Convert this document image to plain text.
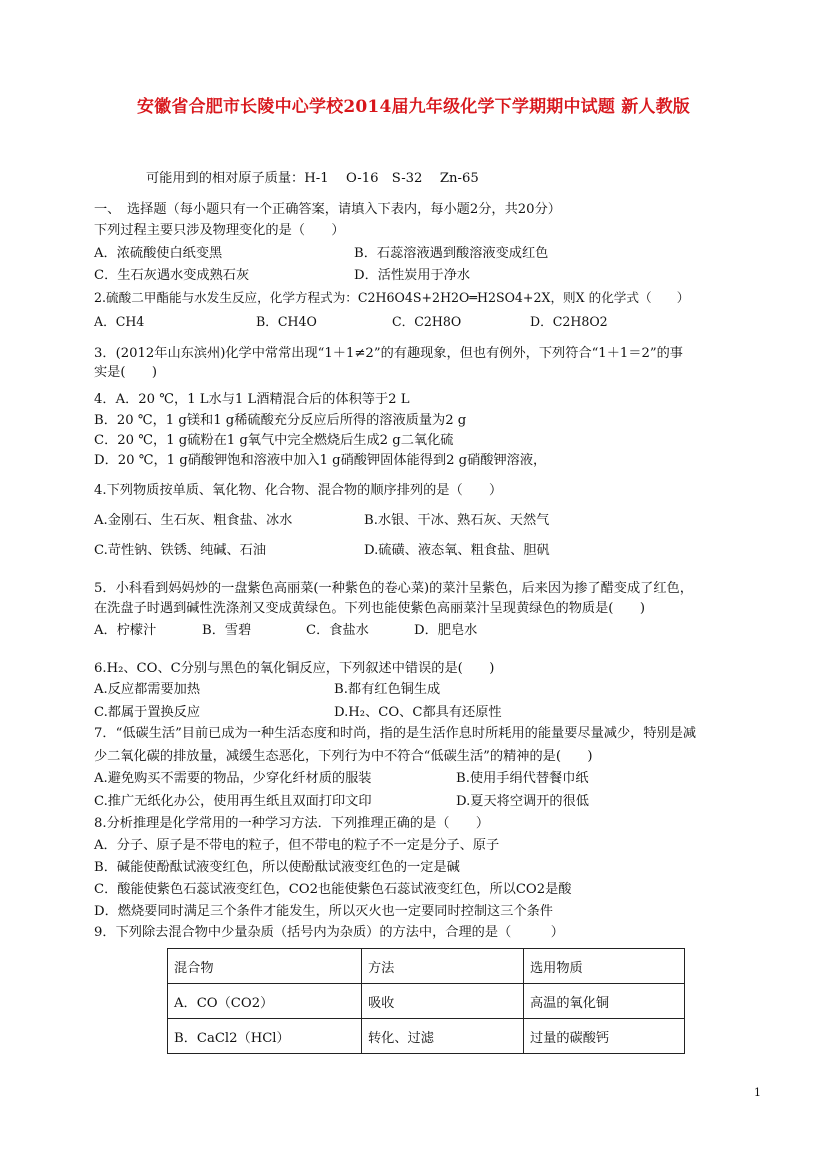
安徽省合肥市长陵中心学校2014届九年级化学下学期期中试题 新人教版
可能用到的相对原子质量：H-1　 O-16　S-32 　Zn-65
一、　选择题（每小题只有一个正确答案，请填入下表内，每小题2分，共20分）
下列过程主要只涉及物理变化的是（　　）
A．浓硫酸使白纸变黑	B．石蕊溶液遇到酸溶液变成红色
C．生石灰遇水变成熟石灰	D．活性炭用于净水
2.硫酸二甲酯能与水发生反应，化学方程式为：C2H6O4S+2H2O═H2SO4+2X，则X 的化学式（　　）
A．CH4	B．CH4O	C．C2H8O	D．C2H8O2
3．(2012年山东滨州)化学中常常出现“1＋1≠2”的有趣现象，但也有例外，下列符合“1＋1＝2”的事
实是(　　)
4．A．20 ℃，1 L水与1 L酒精混合后的体积等于2 L
B．20 ℃，1 g镁和1 g稀硫酸充分反应后所得的溶液质量为2 g
C．20 ℃，1 g硫粉在1 g氧气中完全燃烧后生成2 g二氧化硫
D．20 ℃，1 g硝酸钾饱和溶液中加入1 g硝酸钾固体能得到2 g硝酸钾溶液，
4.下列物质按单质、氧化物、化合物、混合物的顺序排列的是（　　）
A.金刚石、生石灰、粗食盐、冰水	B.水银、干冰、熟石灰、天然气
C.苛性钠、铁锈、纯碱、石油	D.硫磺、液态氧、粗食盐、胆矾
5．小科看到妈妈炒的一盘紫色高丽菜(一种紫色的卷心菜)的菜汁呈紫色，后来因为掺了醋变成了红色，
在洗盘子时遇到碱性洗涤剂又变成黄绿色。下列也能使紫色高丽菜汁呈现黄绿色的物质是(　　)
A．柠檬汁	B．雪碧	C．食盐水	D．肥皂水
6.H₂、CO、C分别与黑色的氧化铜反应，下列叙述中错误的是(　　)
A.反应都需要加热	B.都有红色铜生成
C.都属于置换反应	D.H₂、CO、C都具有还原性
7．“低碳生活”目前已成为一种生活态度和时尚，指的是生活作息时所耗用的能量要尽量减少，特别是减
少二氧化碳的排放量，减缓生态恶化，下列行为中不符合“低碳生活”的精神的是(　　)
A.避免购买不需要的物品，少穿化纤材质的服装	B.使用手绢代替餐巾纸
C.推广无纸化办公，使用再生纸且双面打印文印	D.夏天将空调开的很低
8.分析推理是化学常用的一种学习方法．下列推理正确的是（　　）
A．分子、原子是不带电的粒子，但不带电的粒子不一定是分子、原子
B．碱能使酚酞试液变红色，所以使酚酞试液变红色的一定是碱
C．酸能使紫色石蕊试液变红色，CO2也能使紫色石蕊试液变红色，所以CO2是酸
D．燃烧要同时满足三个条件才能发生，所以灭火也一定要同时控制这三个条件
9．下列除去混合物中少量杂质（括号内为杂质）的方法中，合理的是（　　　）
混合物	方法	选用物质
A．CO（CO2）	吸收	高温的氧化铜
B．CaCl2（HCl）	转化、过滤	过量的碳酸钙
1
